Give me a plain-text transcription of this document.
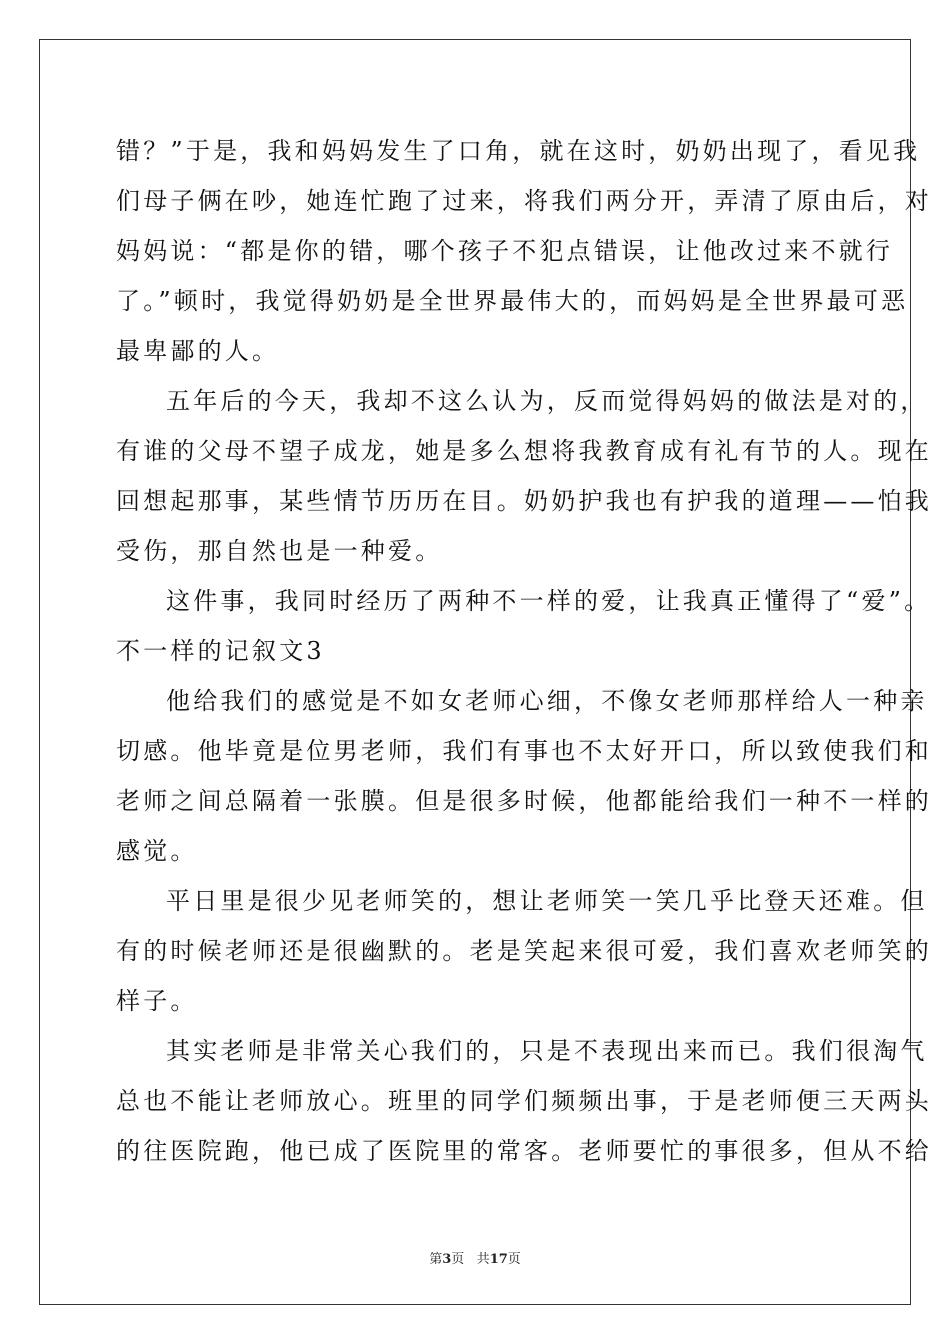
错？”于是，我和妈妈发生了口角，就在这时，奶奶出现了，看见我
们母子俩在吵，她连忙跑了过来，将我们两分开，弄清了原由后，对
妈妈说：“都是你的错，哪个孩子不犯点错误，让他改过来不就行
了。”顿时，我觉得奶奶是全世界最伟大的，而妈妈是全世界最可恶
最卑鄙的人。
五年后的今天，我却不这么认为，反而觉得妈妈的做法是对的，
有谁的父母不望子成龙，她是多么想将我教育成有礼有节的人。现在
回想起那事，某些情节历历在目。奶奶护我也有护我的道理——怕我
受伤，那自然也是一种爱。
这件事，我同时经历了两种不一样的爱，让我真正懂得了“爱”。
不一样的记叙文3
他给我们的感觉是不如女老师心细，不像女老师那样给人一种亲
切感。他毕竟是位男老师，我们有事也不太好开口，所以致使我们和
老师之间总隔着一张膜。但是很多时候，他都能给我们一种不一样的
感觉。
平日里是很少见老师笑的，想让老师笑一笑几乎比登天还难。但
有的时候老师还是很幽默的。老是笑起来很可爱，我们喜欢老师笑的
样子。
其实老师是非常关心我们的，只是不表现出来而已。我们很淘气
总也不能让老师放心。班里的同学们频频出事，于是老师便三天两头
的往医院跑，他已成了医院里的常客。老师要忙的事很多，但从不给
第3页 共17页
